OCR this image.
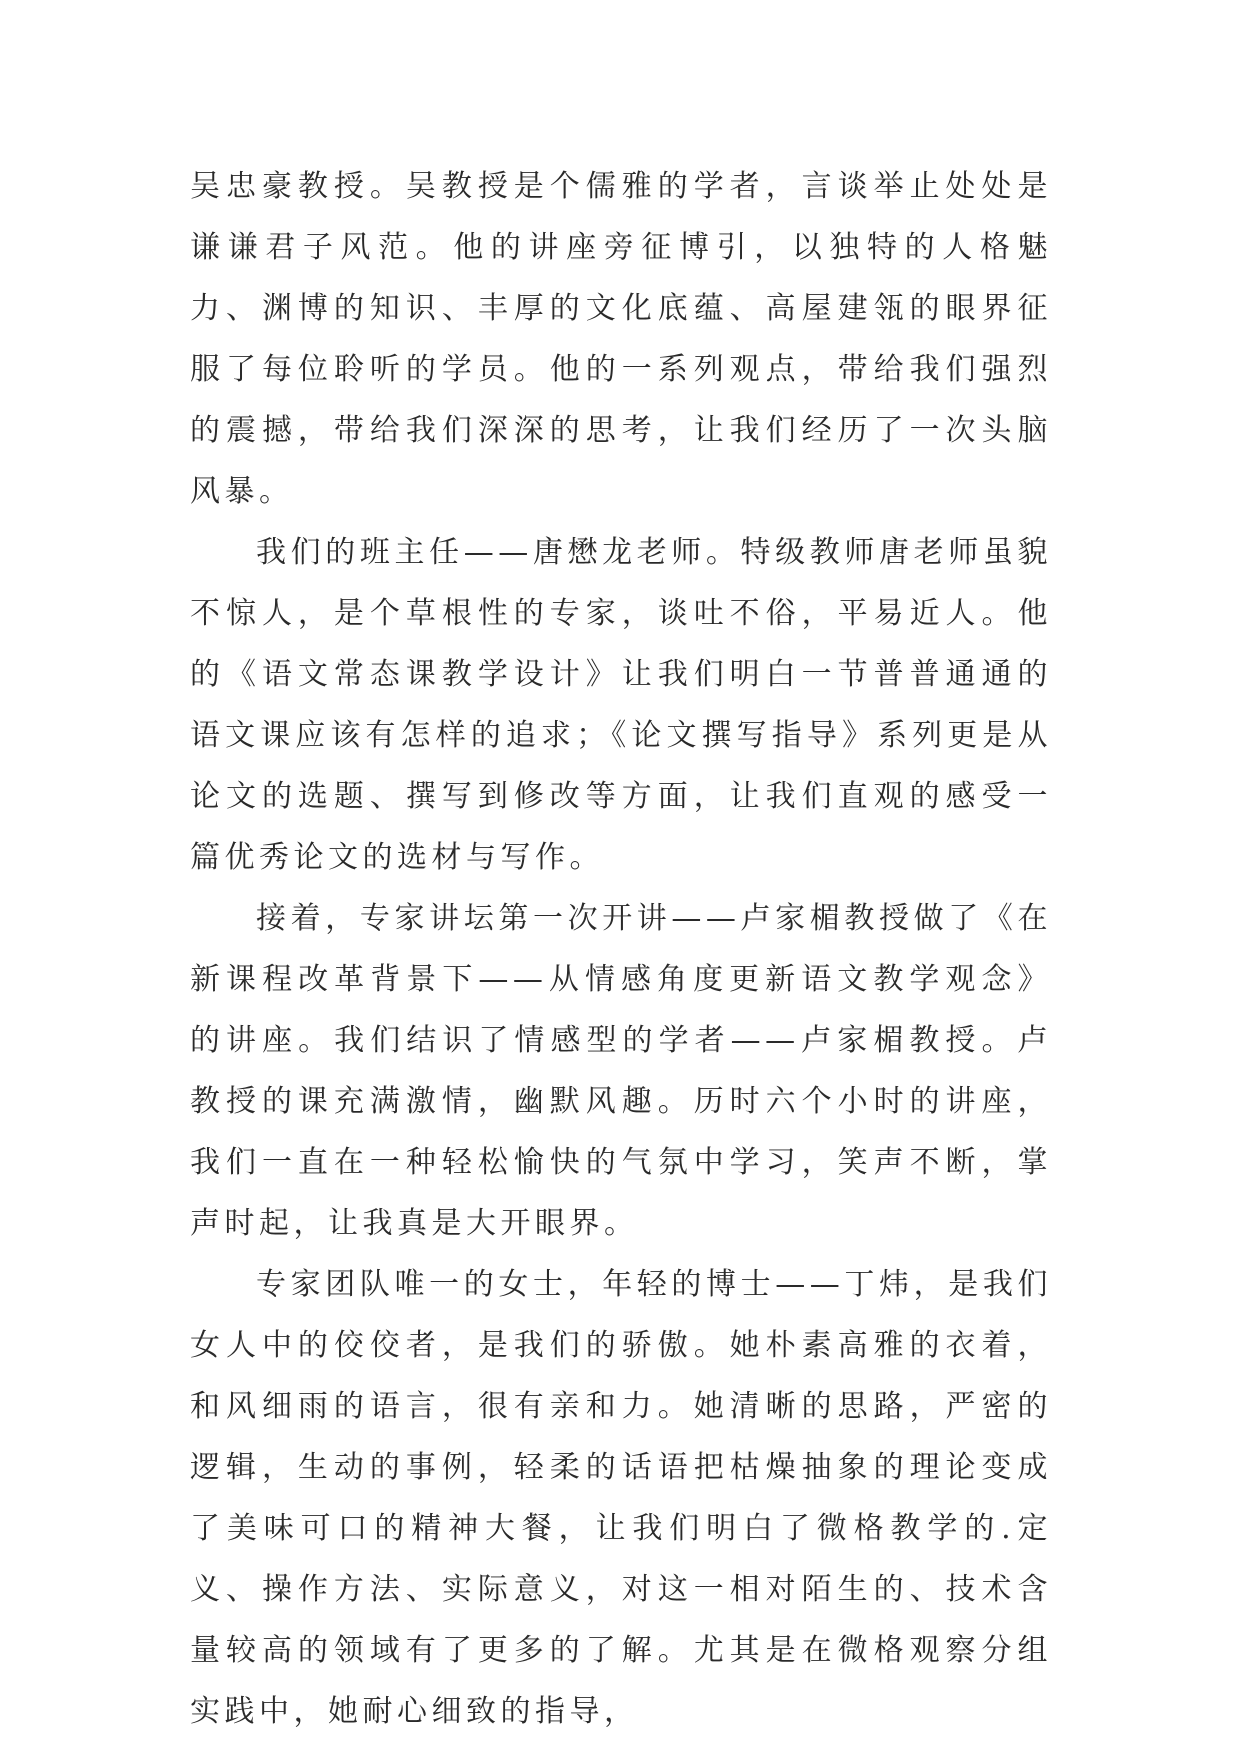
吴忠豪教授。吴教授是个儒雅的学者，言谈举止处处是谦谦君子风范。他的讲座旁征博引，以独特的人格魅力、渊博的知识、丰厚的文化底蕴、高屋建瓴的眼界征服了每位聆听的学员。他的一系列观点，带给我们强烈的震撼，带给我们深深的思考，让我们经历了一次头脑风暴。

我们的班主任——唐懋龙老师。特级教师唐老师虽貌不惊人，是个草根性的专家，谈吐不俗，平易近人。他的《语文常态课教学设计》让我们明白一节普普通通的语文课应该有怎样的追求；《论文撰写指导》系列更是从论文的选题、撰写到修改等方面，让我们直观的感受一篇优秀论文的选材与写作。

接着，专家讲坛第一次开讲——卢家楣教授做了《在新课程改革背景下——从情感角度更新语文教学观念》的讲座。我们结识了情感型的学者——卢家楣教授。卢教授的课充满激情，幽默风趣。历时六个小时的讲座，我们一直在一种轻松愉快的气氛中学习，笑声不断，掌声时起，让我真是大开眼界。

专家团队唯一的女士，年轻的博士——丁炜，是我们女人中的佼佼者，是我们的骄傲。她朴素高雅的衣着，和风细雨的语言，很有亲和力。她清晰的思路，严密的逻辑，生动的事例，轻柔的话语把枯燥抽象的理论变成了美味可口的精神大餐，让我们明白了微格教学的.定义、操作方法、实际意义，对这一相对陌生的、技术含量较高的领域有了更多的了解。尤其是在微格观察分组实践中，她耐心细致的指导，
